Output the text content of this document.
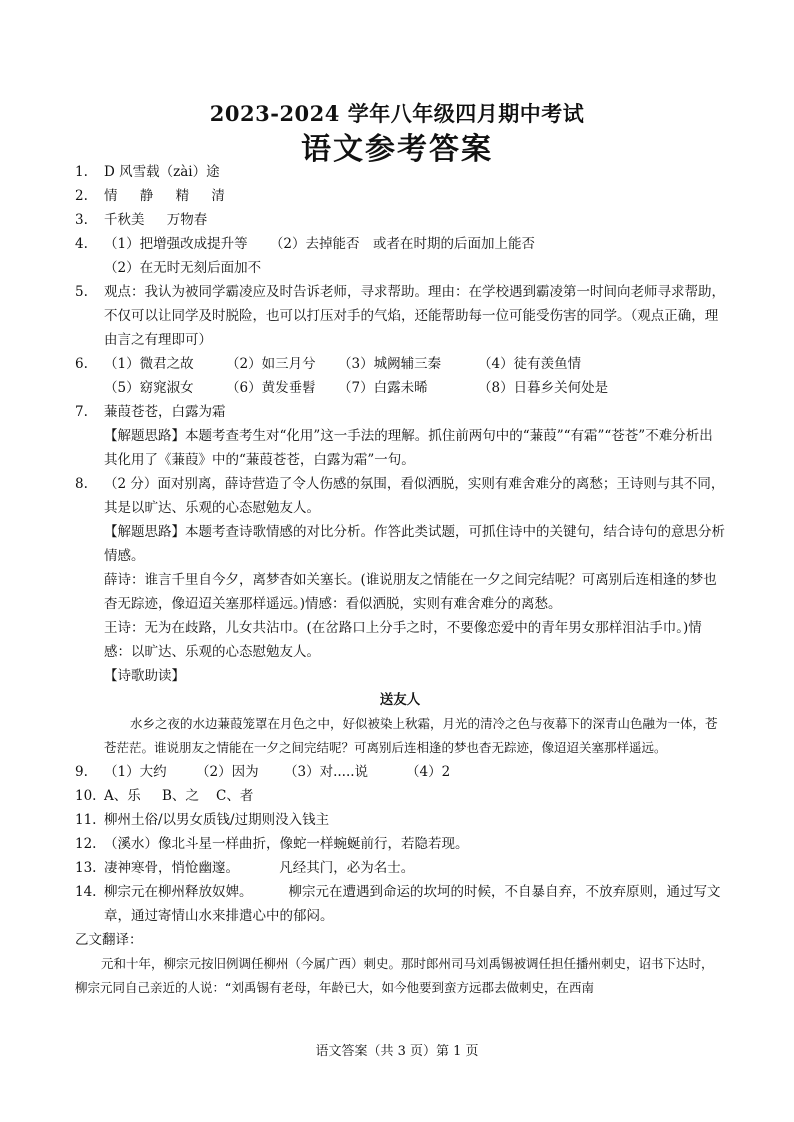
2023-2024 学年八年级四月期中考试
语文参考答案
1. D 风雪载（zài）途
2. 情 静 精 清
3. 千秋美 万物春
4. （1）把增强改成提升等 （2）去掉能否　或者在时期的后面加上能否
（2）在无时无刻后面加不
5. 观点：我认为被同学霸凌应及时告诉老师，寻求帮助。理由：在学校遇到霸凌第一时间向老师寻求帮助，不仅可以让同学及时脱险，也可以打压对手的气焰，还能帮助每一位可能受伤害的同学。（观点正确，理由言之有理即可）
6. （1）微君之故 （2）如三月兮 （3）城阙辅三秦	（4）徒有羡鱼情
（5）窈窕淑女 （6）黄发垂髫 （7）白露未晞	（8）日暮乡关何处是
7. 蒹葭苍苍，白露为霜
【解题思路】本题考查考生对“化用”这一手法的理解。抓住前两句中的“蒹葭”“有霜”“苍苍”不难分析出其化用了《蒹葭》中的“蒹葭苍苍，白露为霜”一句。
8. （2 分）面对别离，薛诗营造了令人伤感的氛围，看似洒脱，实则有难舍难分的离愁；王诗则与其不同，其是以旷达、乐观的心态慰勉友人。
【解题思路】本题考查诗歌情感的对比分析。作答此类试题，可抓住诗中的关键句，结合诗句的意思分析情感。
薛诗：谁言千里自今夕，离梦杳如关塞长。(谁说朋友之情能在一夕之间完结呢？可离别后连相逢的梦也杳无踪迹，像迢迢关塞那样遥远。)情感：看似洒脱，实则有难舍难分的离愁。
王诗：无为在歧路，儿女共沾巾。(在岔路口上分手之时，不要像恋爱中的青年男女那样泪沾手巾。)情感：以旷达、乐观的心态慰勉友人。
【诗歌助读】
送友人
水乡之夜的水边蒹葭笼罩在月色之中，好似被染上秋霜，月光的清冷之色与夜幕下的深青山色融为一体，苍苍茫茫。谁说朋友之情能在一夕之间完结呢？可离别后连相逢的梦也杳无踪迹，像迢迢关塞那样遥远。
9. （1）大约 （2）因为 （3）对.....说	（4）2
10. A、乐 B、之 C、者
11. 柳州土俗/以男女质钱/过期则没入钱主
12. （溪水）像北斗星一样曲折，像蛇一样蜿蜒前行，若隐若现。
13. 凄神寒骨，悄怆幽邃。	凡经其门，必为名士。
14. 柳宗元在柳州释放奴婢。	柳宗元在遭遇到命运的坎坷的时候，不自暴自弃，不放弃原则，通过写文章，通过寄情山水来排遣心中的郁闷。
乙文翻译：
元和十年，柳宗元按旧例调任柳州（今属广西）刺史。那时郎州司马刘禹锡被调任担任播州刺史，诏书下达时，柳宗元同自己亲近的人说：“刘禹锡有老母，年龄已大，如今他要到蛮方远郡去做刺史，在西南
语文答案（共 3 页）第 1 页
